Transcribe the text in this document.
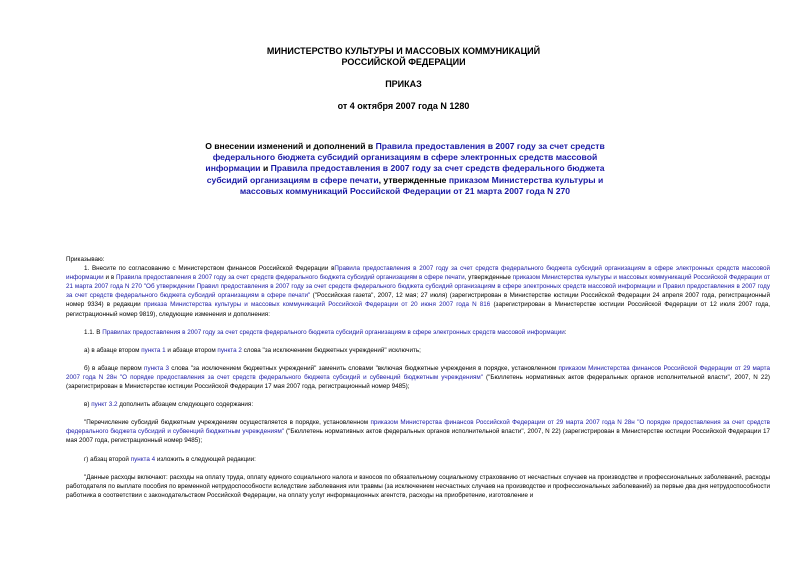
МИНИСТЕРСТВО КУЛЬТУРЫ И МАССОВЫХ КОММУНИКАЦИЙ
РОССИЙСКОЙ ФЕДЕРАЦИИ
ПРИКАЗ
от 4 октября 2007 года N 1280
О внесении изменений и дополнений в Правила предоставления в 2007 году за счет средств федерального бюджета субсидий организациям в сфере электронных средств массовой информации и Правила предоставления в 2007 году за счет средств федерального бюджета субсидий организациям в сфере печати, утвержденные приказом Министерства культуры и массовых коммуникаций Российской Федерации от 21 марта 2007 года N 270

Приказываю:

1. Внесите по согласованию с Министерством финансов Российской Федерации вПравила предоставления в 2007 году за счет средств федерального бюджета субсидий организациям в сфере электронных средств массовой информации и в Правила предоставления в 2007 году за счет средств федерального бюджета субсидий организациям в сфере печати, утвержденные приказом Министерства культуры и массовых коммуникаций Российской Федерации от 21 марта 2007 года N 270 "Об утверждении Правил предоставления в 2007 году за счет средств федерального бюджета субсидий организациям в сфере электронных средств массовой информации и Правил предоставления в 2007 году за счет средств федерального бюджета субсидий организациям в сфере печати" ("Российская газета", 2007, 12 мая; 27 июля) (зарегистрирован в Министерстве юстиции Российской Федерации 24 апреля 2007 года, регистрационный номер 9334) в редакции приказа Министерства культуры и массовых коммуникаций Российской Федерации от 20 июня 2007 года N 816 (зарегистрирован в Министерстве юстиции Российской Федерации от 12 июля 2007 года, регистрационный номер 9819), следующие изменения и дополнения:

1.1. В Правилах предоставления в 2007 году за счет средств федерального бюджета субсидий организациям в сфере электронных средств массовой информации:

а) в абзаце втором пункта 1 и абзаце втором пункта 2 слова "за исключением бюджетных учреждений" исключить;

б) в абзаце первом пункта 3 слова "за исключением бюджетных учреждений" заменить словами "включая бюджетные учреждения в порядке, установленном приказом Министерства финансов Российской Федерации от 29 марта 2007 года N 28н "О порядке предоставления за счет средств федерального бюджета субсидий и субвенций бюджетным учреждениям" ("Бюллетень нормативных актов федеральных органов исполнительной власти", 2007, N 22) (зарегистрирован в Министерстве юстиции Российской Федерации 17 мая 2007 года, регистрационный номер 9485);

в) пункт 3.2 дополнить абзацем следующего содержания:

"Перечисление субсидий бюджетным учреждениям осуществляется в порядке, установленном приказом Министерства финансов Российской Федерации от 29 марта 2007 года N 28н "О порядке предоставления за счет средств федерального бюджета субсидий и субвенций бюджетным учреждениям" ("Бюллетень нормативных актов федеральных органов исполнительной власти", 2007, N 22) (зарегистрирован в Министерстве юстиции Российской Федерации 17 мая 2007 года, регистрационный номер 9485);

г) абзац второй пункта 4 изложить в следующей редакции:

"Данные расходы включают: расходы на оплату труда, оплату единого социального налога и взносов по обязательному социальному страхованию от несчастных случаев на производстве и профессиональных заболеваний, расходы работодателя по выплате пособия по временной нетрудоспособности вследствие заболевания или травмы (за исключением несчастных случаев на производстве и профессиональных заболеваний) за первые два дня нетрудоспособности работника в соответствии с законодательством Российской Федерации, на оплату услуг информационных агентств, расходы на приобретение, изготовление и
